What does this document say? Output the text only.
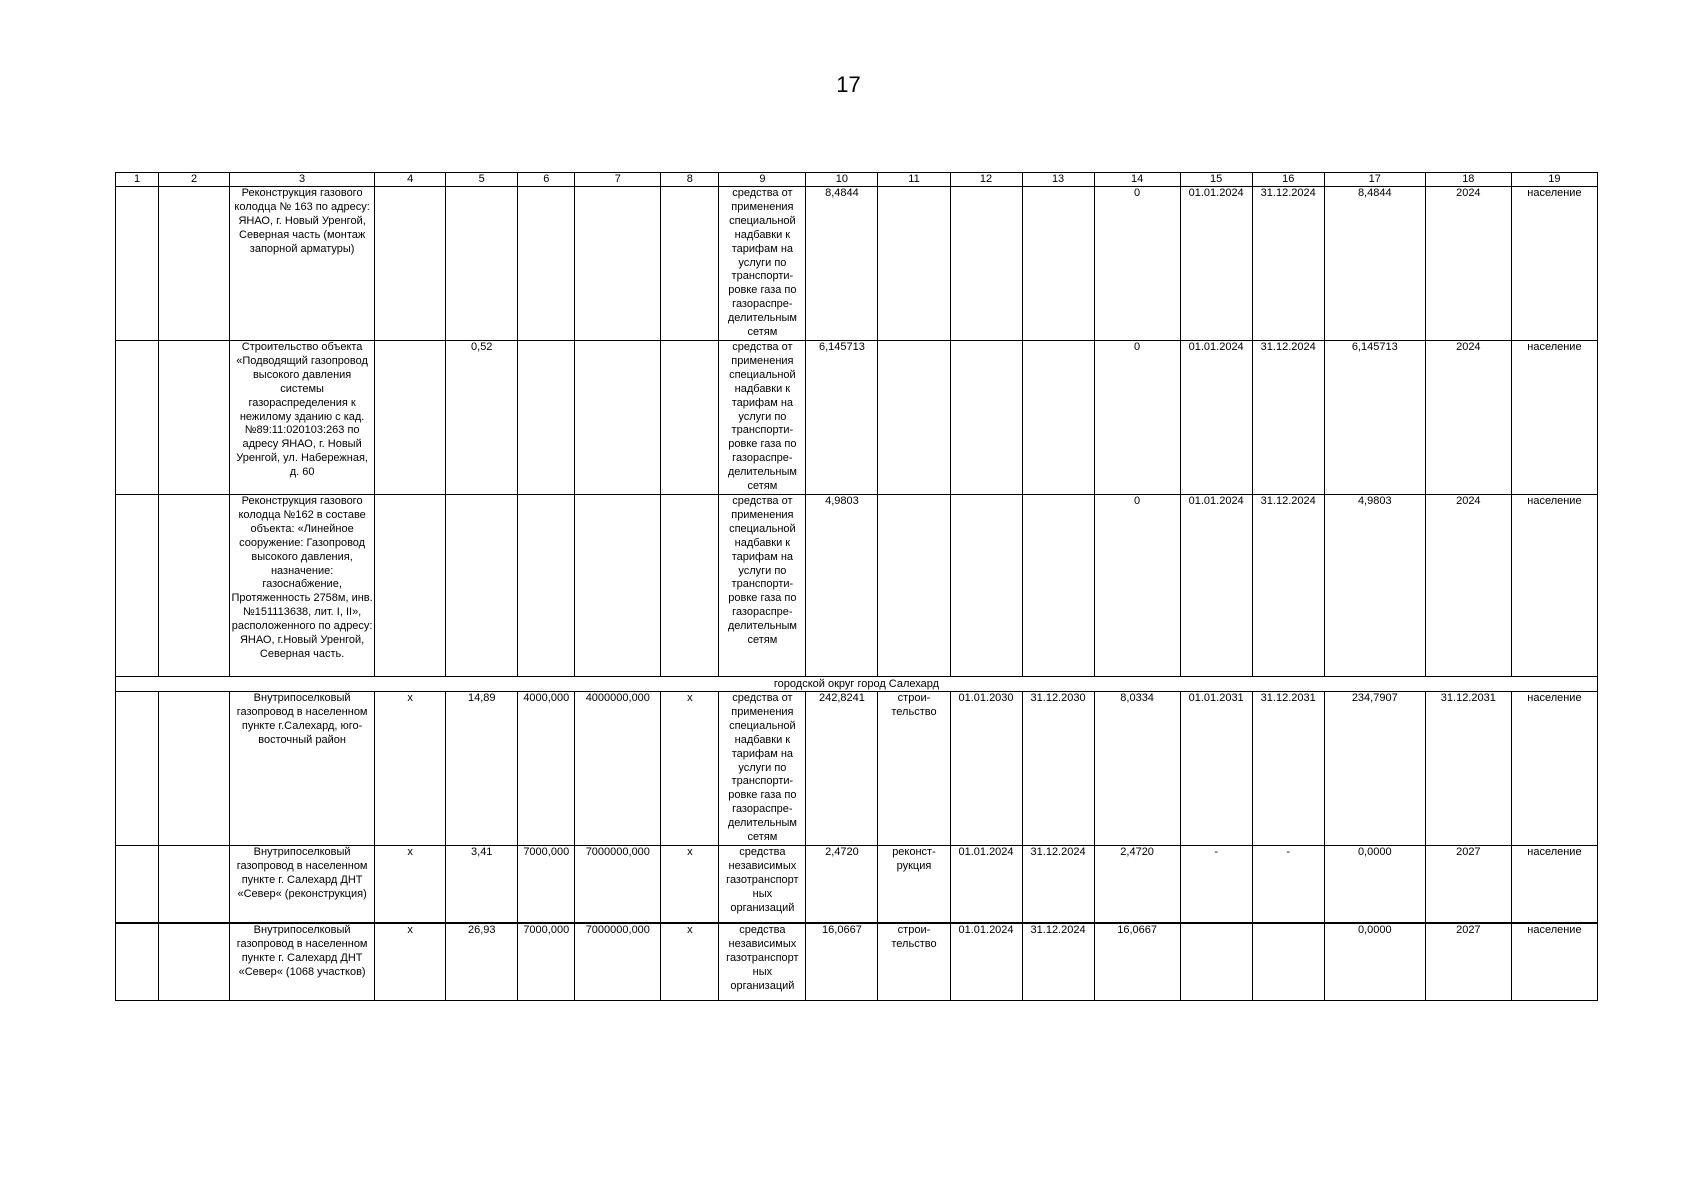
17
1	2	3	4	5	6	7	8	9	10	11	12	13	14	15	16	17	18	19
		Реконструкция газового колодца № 163 по адресу: ЯНАО, г. Новый Уренгой, Северная часть (монтаж запорной арматуры)						средства от применения специальной надбавки к тарифам на услуги по транспорти-ровке газа по газораспре-делительным сетям	8,4844				0	01.01.2024	31.12.2024	8,4844	2024	население
		Строительство объекта «Подводящий газопровод высокого давления системы газораспределения к нежилому зданию с кад. №89:11:020103:263 по адресу ЯНАО, г. Новый Уренгой, ул. Набережная, д. 60		0,52				средства от применения специальной надбавки к тарифам на услуги по транспорти-ровке газа по газораспре-делительным сетям	6,145713				0	01.01.2024	31.12.2024	6,145713	2024	население
		Реконструкция газового колодца №162 в составе объекта: «Линейное сооружение: Газопровод высокого давления, назначение: газоснабжение, Протяженность 2758м, инв.№151113638, лит. I, II», расположенного по адресу: ЯНАО, г.Новый Уренгой, Северная часть.						средства от применения специальной надбавки к тарифам на услуги по транспорти-ровке газа по газораспре-делительным сетям	4,9803				0	01.01.2024	31.12.2024	4,9803	2024	население
городской округ город Салехард																		
		Внутрипоселковый газопровод в населенном пункте г.Салехард, юго-восточный район	x	14,89	4000,000	4000000,000	x	средства от применения специальной надбавки к тарифам на услуги по транспорти-ровке газа по газораспре-делительным сетям	242,8241	строи-тельство	01.01.2030	31.12.2030	8,0334	01.01.2031	31.12.2031	234,7907	31.12.2031	население
		Внутрипоселковый газопровод в населенном пункте г. Салехард ДНТ «Север« (реконструкция)	x	3,41	7000,000	7000000,000	x	средства независимых газотранспорт ных организаций	2,4720	реконст-рукция	01.01.2024	31.12.2024	2,4720	-	-	0,0000	2027	население
		Внутрипоселковый газопровод в населенном пункте г. Салехард ДНТ «Север« (1068 участков)	x	26,93	7000,000	7000000,000	x	средства независимых газотранспорт ных организаций	16,0667	строи-тельство	01.01.2024	31.12.2024	16,0667			0,0000	2027	население
